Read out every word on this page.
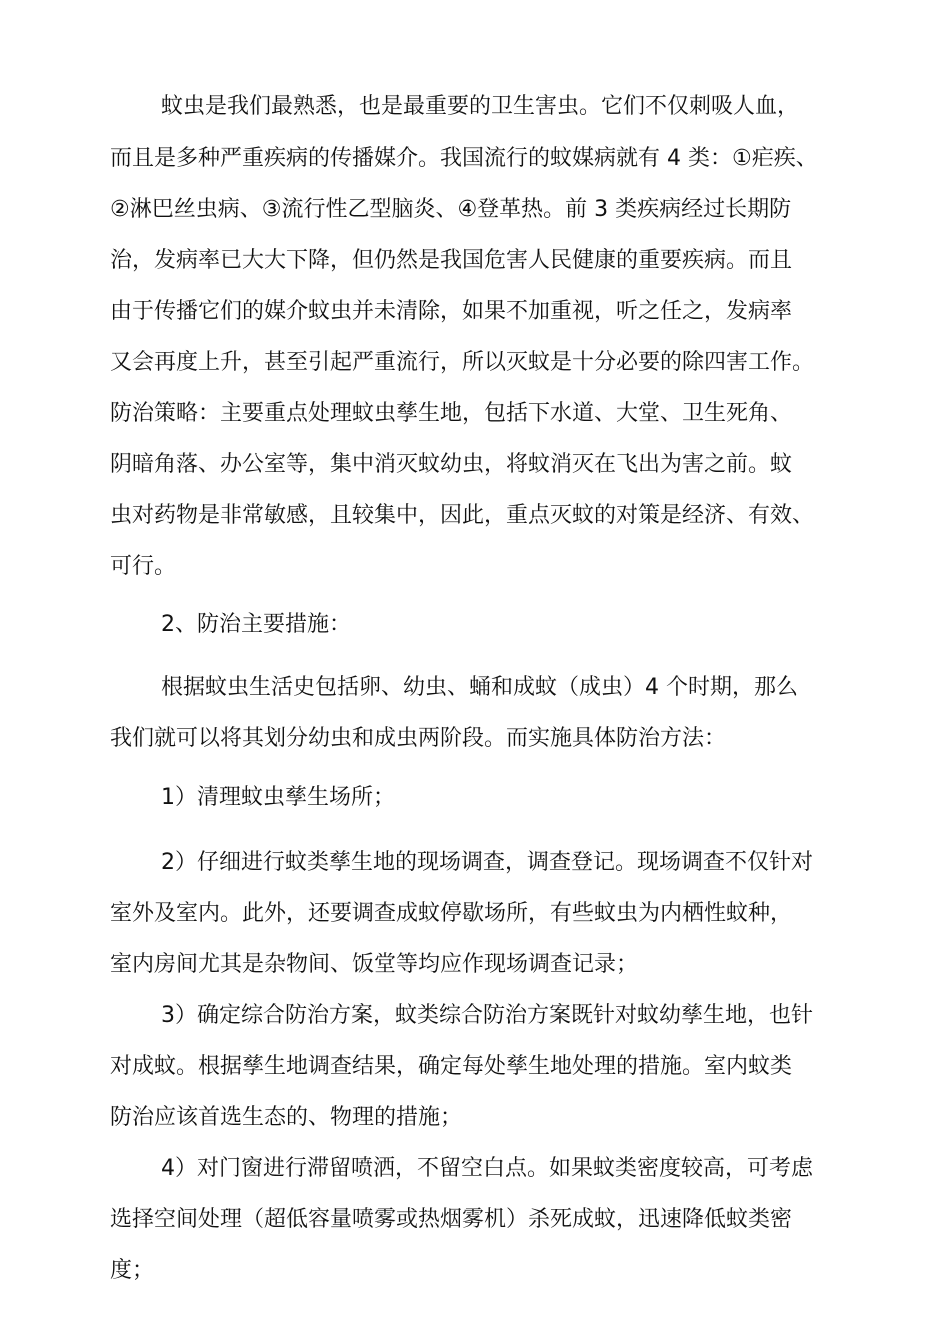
蚊虫是我们最熟悉，也是最重要的卫生害虫。它们不仅刺吸人血，
而且是多种严重疾病的传播媒介。我国流行的蚊媒病就有 4 类：①疟疾、
②淋巴丝虫病、③流行性乙型脑炎、④登革热。前 3 类疾病经过长期防
治，发病率已大大下降，但仍然是我国危害人民健康的重要疾病。而且
由于传播它们的媒介蚊虫并未清除，如果不加重视，听之任之，发病率
又会再度上升，甚至引起严重流行，所以灭蚊是十分必要的除四害工作。
防治策略：主要重点处理蚊虫孳生地，包括下水道、大堂、卫生死角、
阴暗角落、办公室等，集中消灭蚊幼虫，将蚊消灭在飞出为害之前。蚊
虫对药物是非常敏感，且较集中，因此，重点灭蚊的对策是经济、有效、
可行。
2、防治主要措施：
根据蚊虫生活史包括卵、幼虫、蛹和成蚊（成虫）4 个时期，那么
我们就可以将其划分幼虫和成虫两阶段。而实施具体防治方法：
1）清理蚊虫孳生场所；
2）仔细进行蚊类孳生地的现场调查，调查登记。现场调查不仅针对
室外及室内。此外，还要调查成蚊停歇场所，有些蚊虫为内栖性蚊种，
室内房间尤其是杂物间、饭堂等均应作现场调查记录；
3）确定综合防治方案，蚊类综合防治方案既针对蚊幼孳生地，也针
对成蚊。根据孳生地调查结果，确定每处孳生地处理的措施。室内蚊类
防治应该首选生态的、物理的措施；
4）对门窗进行滞留喷洒，不留空白点。如果蚊类密度较高，可考虑
选择空间处理（超低容量喷雾或热烟雾机）杀死成蚊，迅速降低蚊类密
度；
